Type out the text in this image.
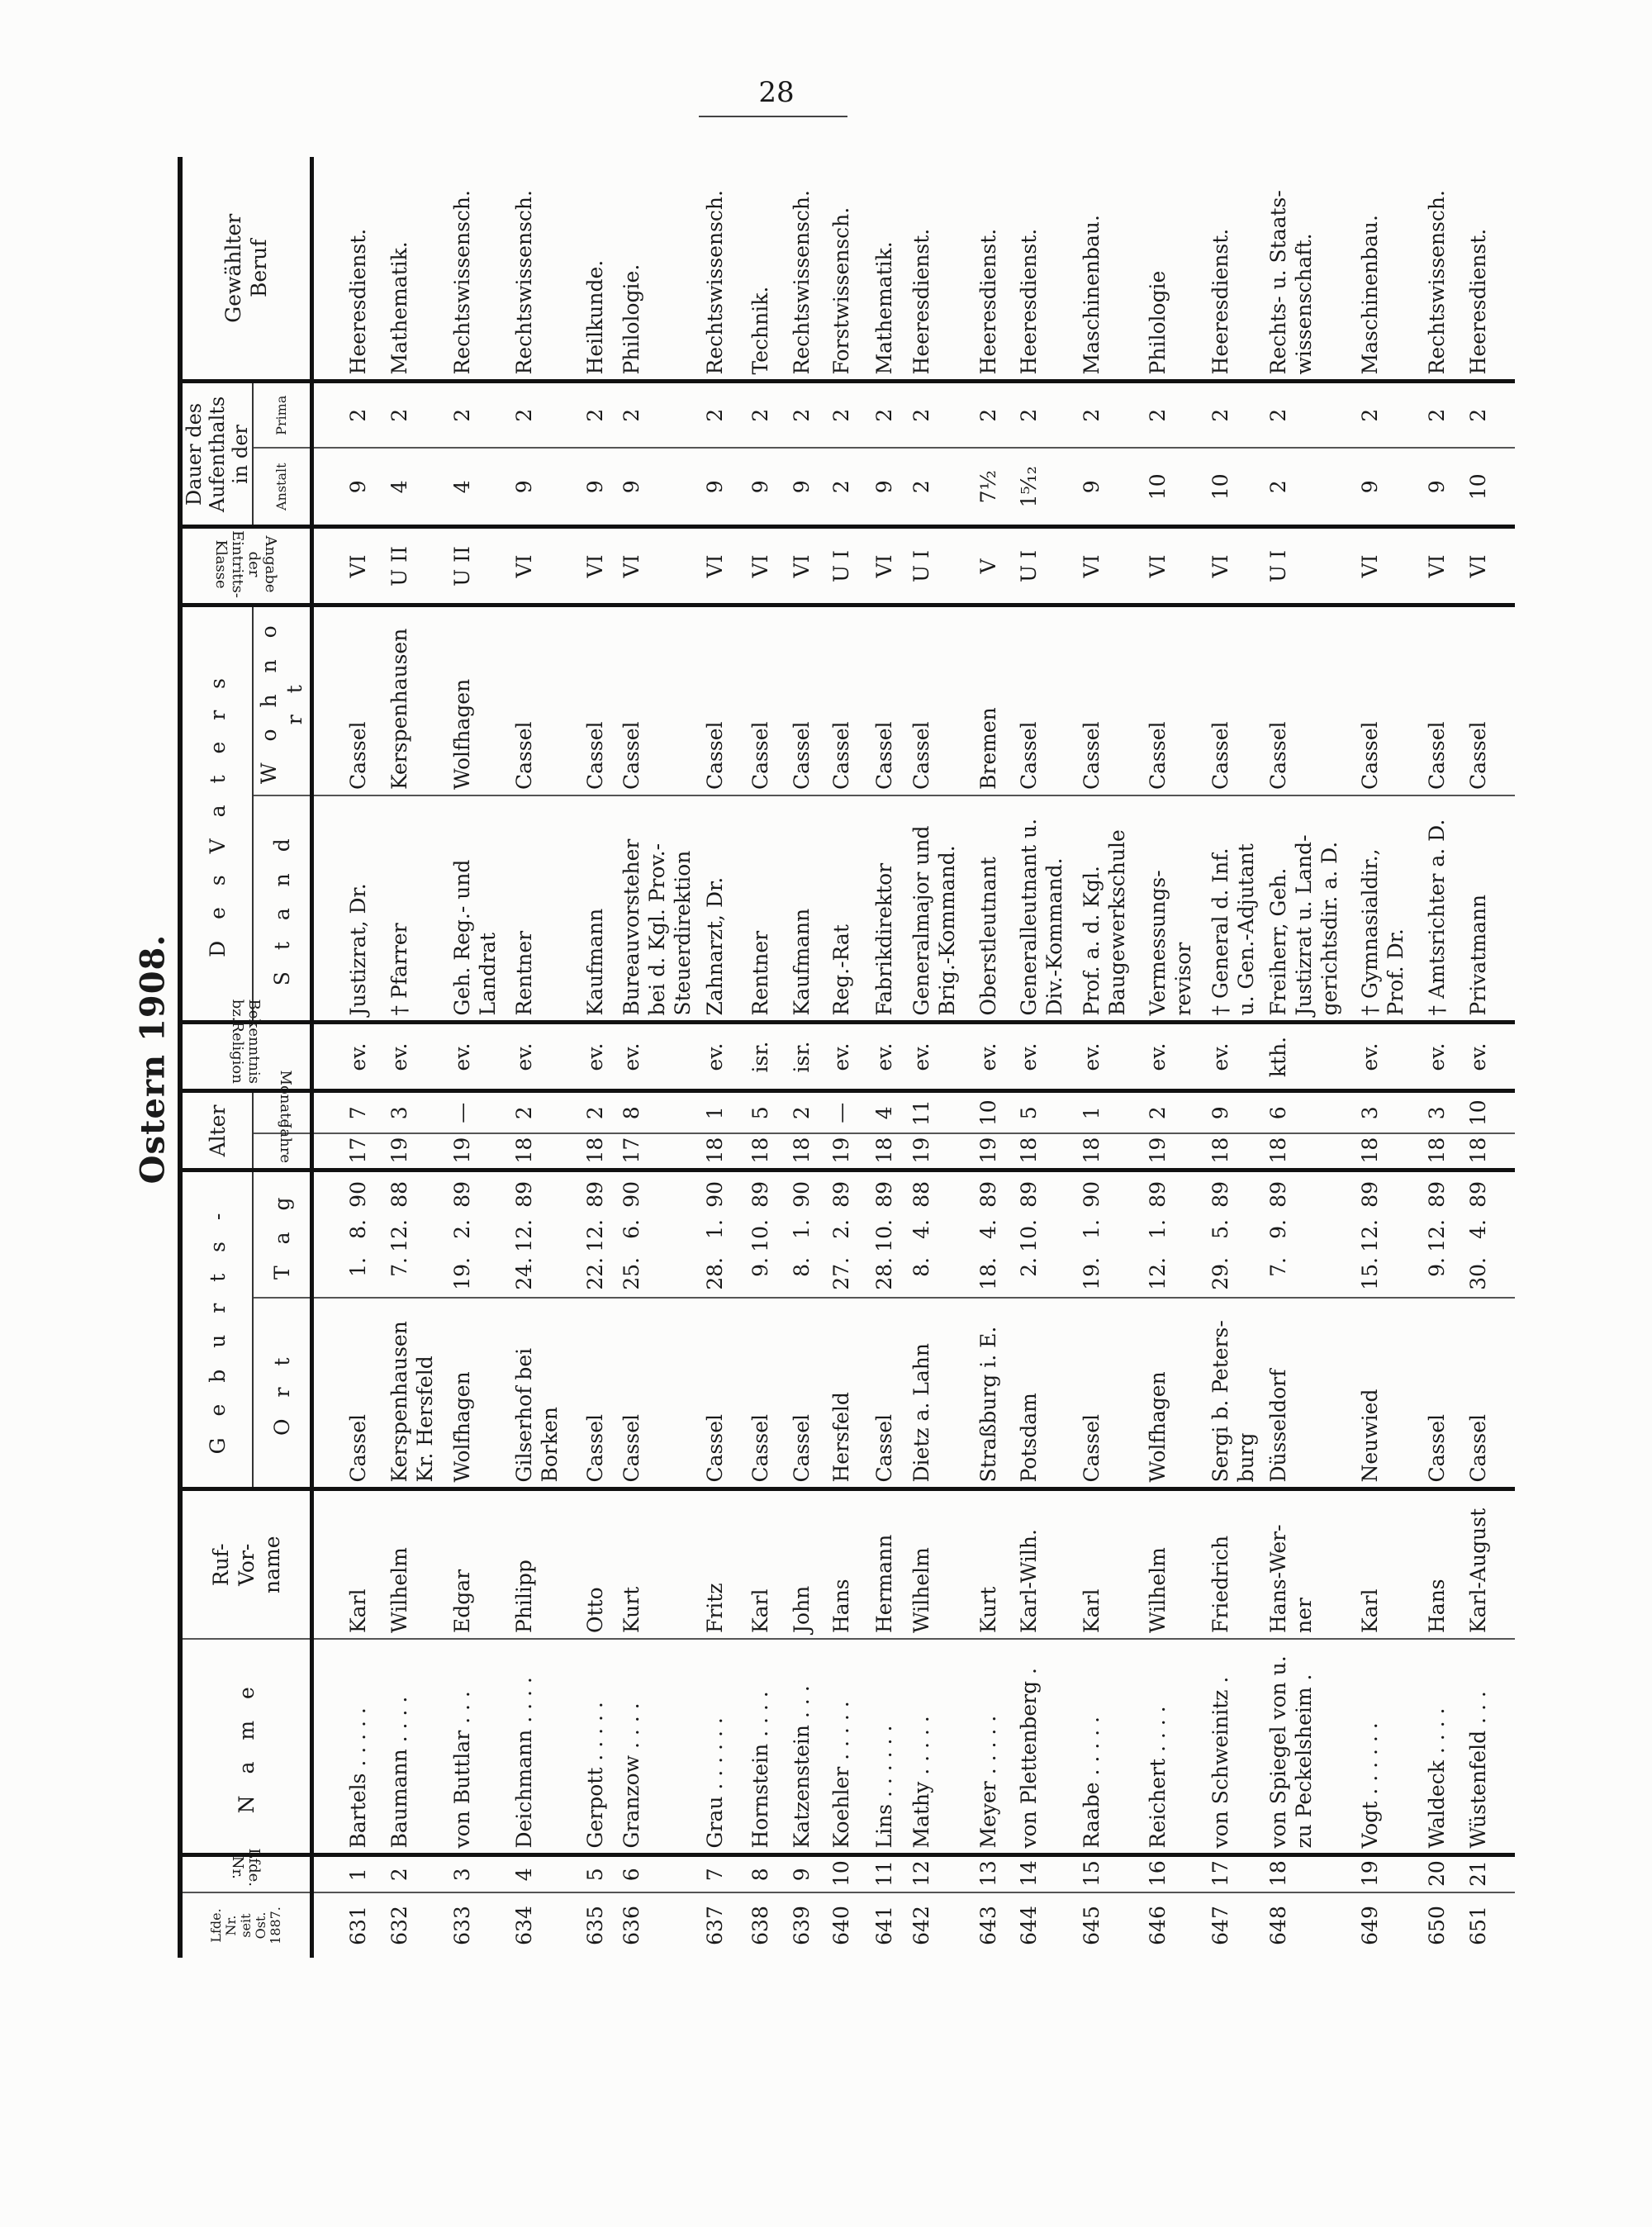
28
Ostern 1908.
Lfde.
Nr.
seit
Ost.
1887.	Lfde. Nr.	N a m e	Ruf-
Vor-
name	G e b u r t s -		Alter		Bekenntnis
bz.Religion	D e s V a t e r s		Angabe der
Eintritts-
Klasse	Dauer des
Aufenthalts
in der		Gewählter
Beruf
				O r t	T a g	Jahre	Monate		S t a n d	W o h n o r t		Anstalt	Prima	

631	1	Bartels . . . . .	Karl	Cassel	1.8.90	17	7	ev.	Justizrat, Dr.	Cassel	VI	9	2	Heeresdienst.
632	2	Baumann . . . .	Wilhelm	Kerspenhausen
Kr. Hersfeld	7.12.88	19	3	ev.	† Pfarrer	Kerspenhausen	U II	4	2	Mathematik.
633	3	von Buttlar . . .	Edgar	Wolfhagen	19.2.89	19	—	ev.	Geh. Reg.- und
Landrat	Wolfhagen	U II	4	2	Rechtswissensch.
634	4	Deichmann . . . .	Philipp	Gilserhof bei
Borken	24.12.89	18	2	ev.	Rentner	Cassel	VI	9	2	Rechtswissensch.
635	5	Gerpott . . . . .	Otto	Cassel	22.12.89	18	2	ev.	Kaufmann	Cassel	VI	9	2	Heilkunde.
636	6	Granzow . . . .	Kurt	Cassel	25.6.90	17	8	ev.	Bureauvorsteher
bei d. Kgl. Prov.-
Steuerdirektion	Cassel	VI	9	2	Philologie.
637	7	Grau . . . . . .	Fritz	Cassel	28.1.90	18	1	ev.	Zahnarzt, Dr.	Cassel	VI	9	2	Rechtswissensch.
638	8	Hornstein . . . .	Karl	Cassel	9.10.89	18	5	isr.	Rentner	Cassel	VI	9	2	Technik.
639	9	Katzenstein . . .	John	Cassel	8.1.90	18	2	isr.	Kaufmann	Cassel	VI	9	2	Rechtswissensch.
640	10	Koehler . . . . .	Hans	Hersfeld	27.2.89	19	—	ev.	Reg.-Rat	Cassel	U I	2	2	Forstwissensch.
641	11	Lins . . . . . .	Hermann	Cassel	28.10.89	18	4	ev.	Fabrikdirektor	Cassel	VI	9	2	Mathematik.
642	12	Mathy . . . . .	Wilhelm	Dietz a. Lahn	8.4.88	19	11	ev.	Generalmajor und
Brig.-Kommand.	Cassel	U I	2	2	Heeresdienst.
643	13	Meyer . . . . .	Kurt	Straßburg i. E.	18.4.89	19	10	ev.	Oberstleutnant	Bremen	V	7½	2	Heeresdienst.
644	14	von Plettenberg .	Karl-Wilh.	Potsdam	2.10.89	18	5	ev.	Generalleutnant u.
Div.-Kommand.	Cassel	U I	1⁵⁄₁₂	2	Heeresdienst.
645	15	Raabe . . . . .	Karl	Cassel	19.1.90	18	1	ev.	Prof. a. d. Kgl.
Baugewerkschule	Cassel	VI	9	2	Maschinenbau.
646	16	Reichert . . . .	Wilhelm	Wolfhagen	12.1.89	19	2	ev.	Vermessungs-
revisor	Cassel	VI	10	2	Philologie
647	17	von Schweinitz .	Friedrich	Sergi b. Peters-
burg	29.5.89	18	9	ev.	† General d. Inf.
u. Gen.-Adjutant	Cassel	VI	10	2	Heeresdienst.
648	18	von Spiegel von u.
zu Peckelsheim .	Hans-Wer-
ner	Düsseldorf	7.9.89	18	6	kth.	Freiherr, Geh.
Justizrat u. Land-
gerichtsdir. a. D.	Cassel	U I	2	2	Rechts- u. Staats-
wissenschaft.
649	19	Vogt . . . . . .	Karl	Neuwied	15.12.89	18	3	ev.	† Gymnasialdir.,
Prof. Dr.	Cassel	VI	9	2	Maschinenbau.
650	20	Waldeck . . . .	Hans	Cassel	9.12.89	18	3	ev.	† Amtsrichter a. D.	Cassel	VI	9	2	Rechtswissensch.
651	21	Wüstenfeld . . .	Karl-August	Cassel	30.4.89	18	10	ev.	Privatmann	Cassel	VI	10	2	Heeresdienst.
